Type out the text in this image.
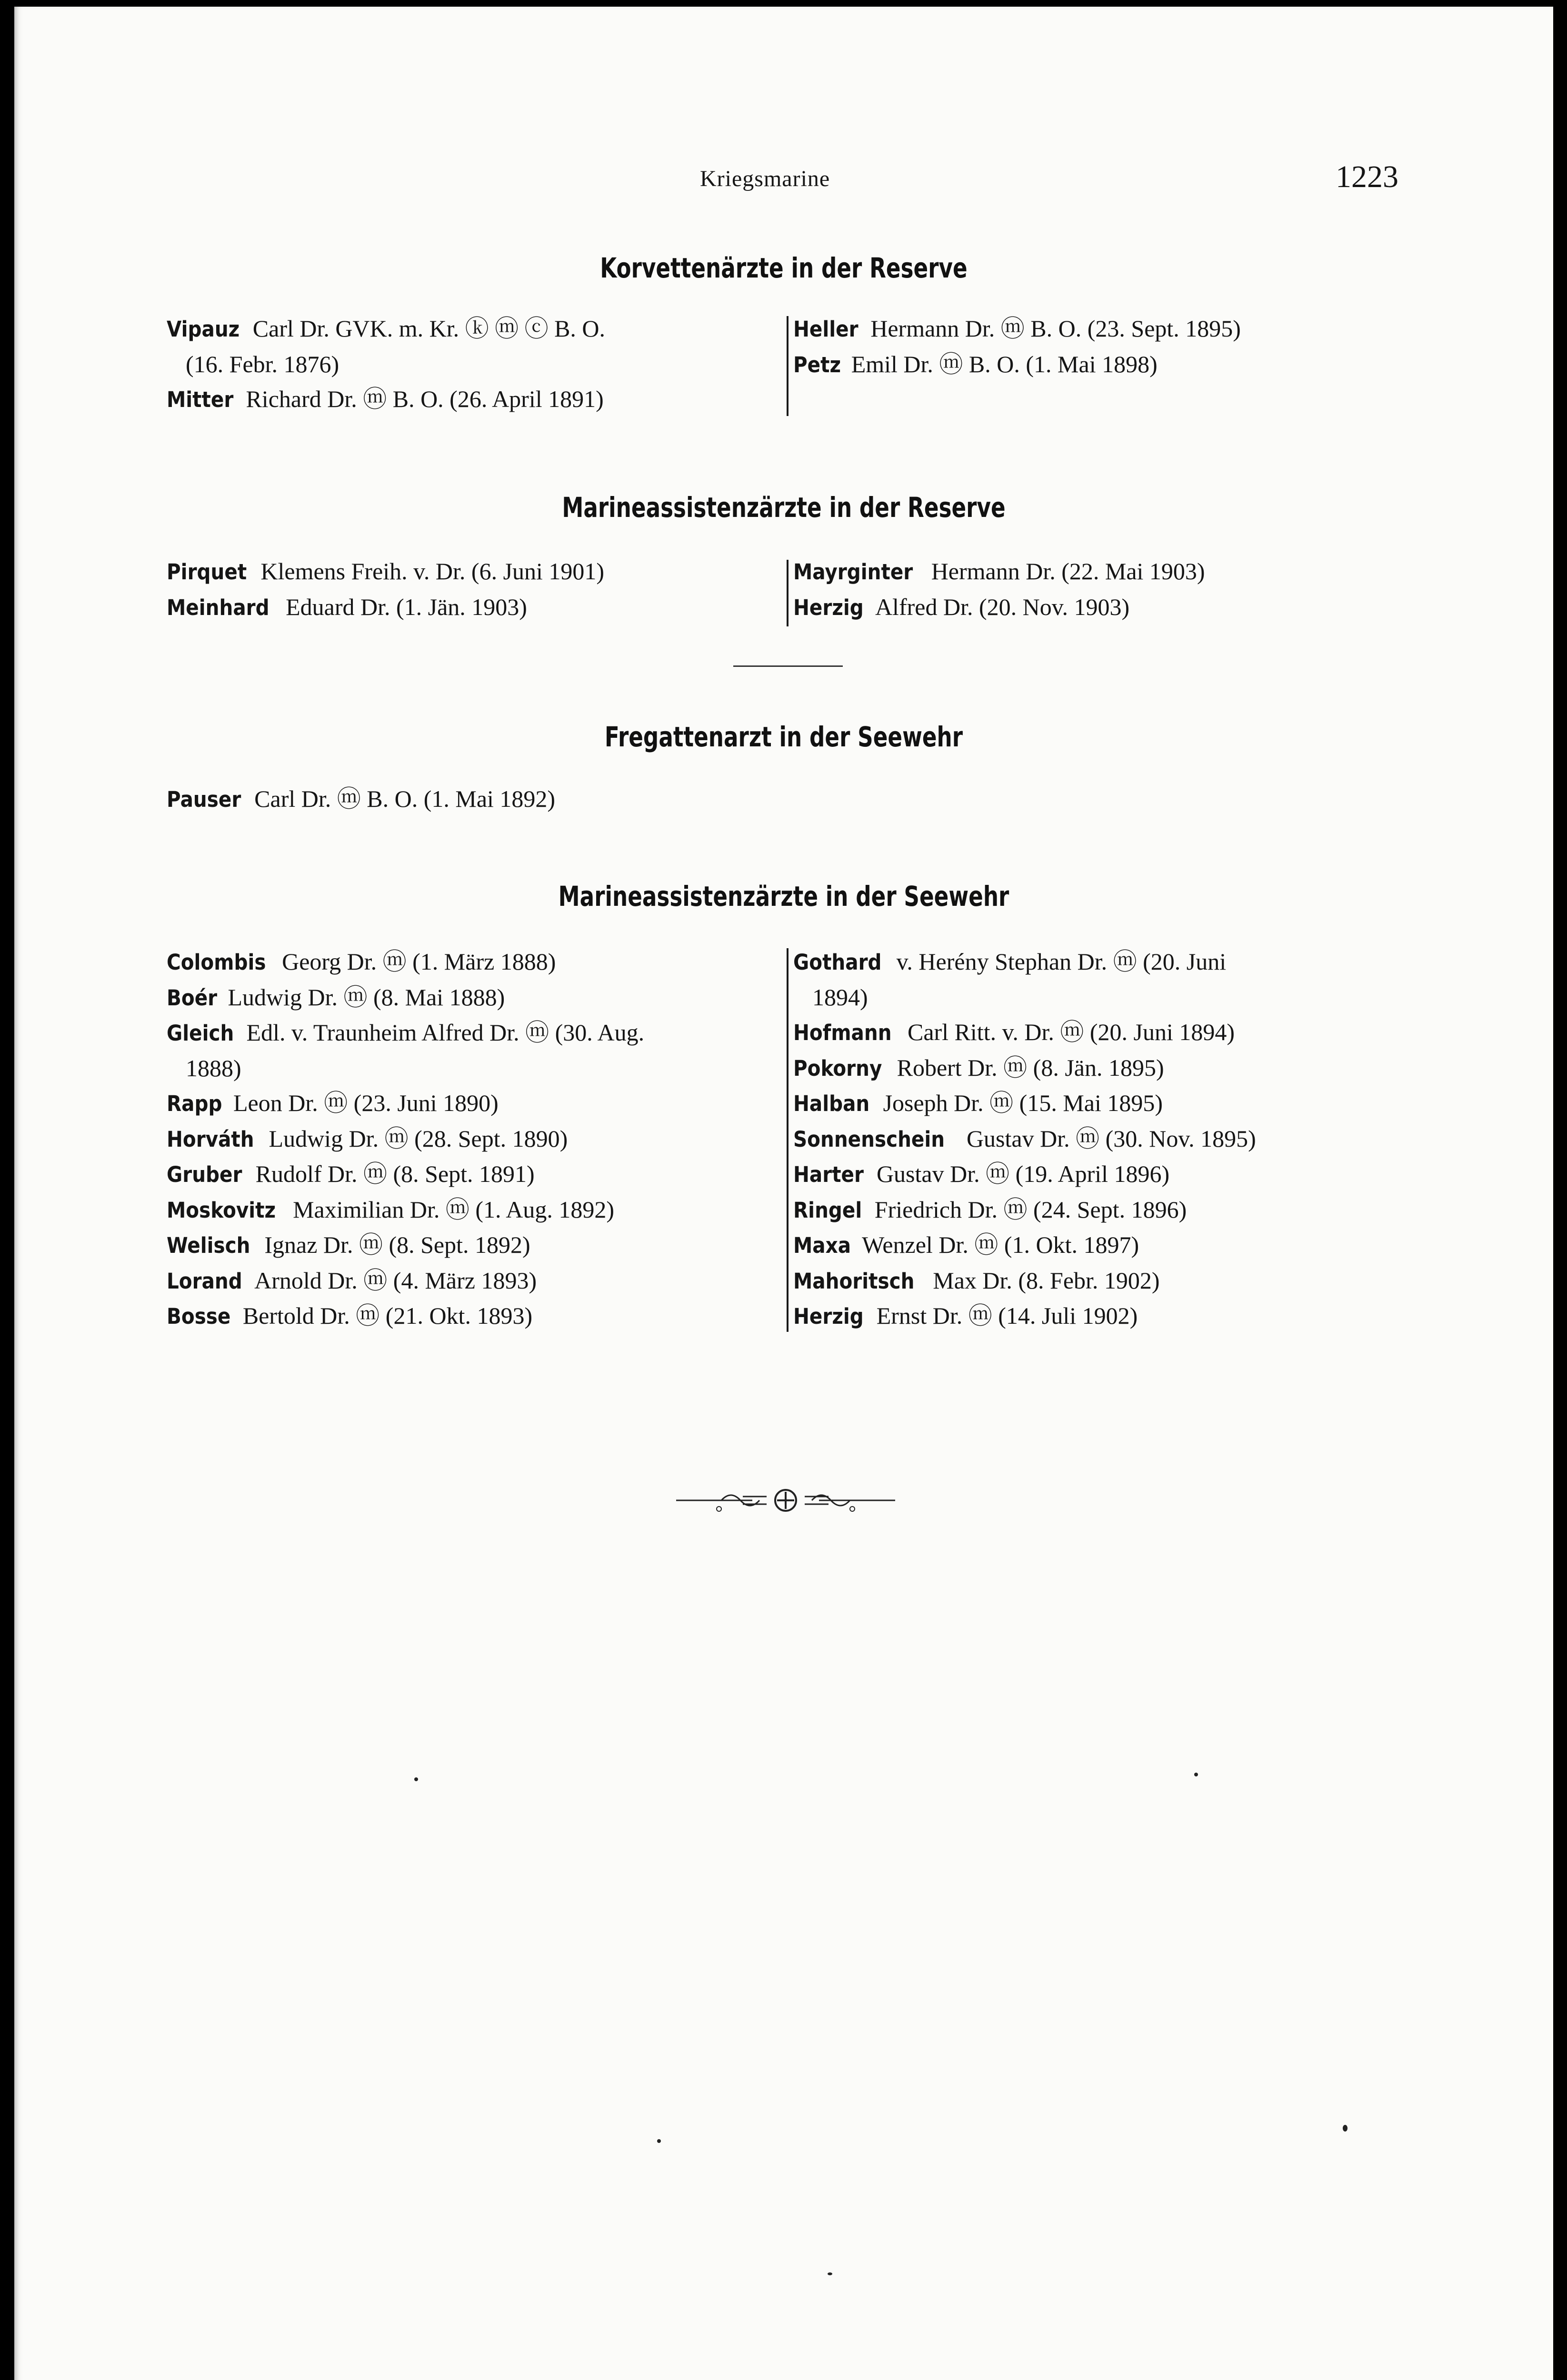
Kriegsmarine	1223
Korvettenärzte in der Reserve
Vipauz Carl Dr. GVK. m. Kr. ⓚ ⓜ ⓒ B. O.
(16. Febr. 1876)
Mitter Richard Dr. ⓜ B. O. (26. April 1891)
Heller Hermann Dr. ⓜ B. O. (23. Sept. 1895)
Petz Emil Dr. ⓜ B. O. (1. Mai 1898)
Marineassistenzärzte in der Reserve
Pirquet Klemens Freih. v. Dr. (6. Juni 1901)
Meinhard Eduard Dr. (1. Jän. 1903)
Mayrginter Hermann Dr. (22. Mai 1903)
Herzig Alfred Dr. (20. Nov. 1903)
Fregattenarzt in der Seewehr
Pauser Carl Dr. ⓜ B. O. (1. Mai 1892)
Marineassistenzärzte in der Seewehr
Colombis Georg Dr. ⓜ (1. März 1888)
Boér Ludwig Dr. ⓜ (8. Mai 1888)
Gleich Edl. v. Traunheim Alfred Dr. ⓜ (30. Aug.
1888)
Rapp Leon Dr. ⓜ (23. Juni 1890)
Horváth Ludwig Dr. ⓜ (28. Sept. 1890)
Gruber Rudolf Dr. ⓜ (8. Sept. 1891)
Moskovitz Maximilian Dr. ⓜ (1. Aug. 1892)
Welisch Ignaz Dr. ⓜ (8. Sept. 1892)
Lorand Arnold Dr. ⓜ (4. März 1893)
Bosse Bertold Dr. ⓜ (21. Okt. 1893)
Gothard v. Herény Stephan Dr. ⓜ (20. Juni
1894)
Hofmann Carl Ritt. v. Dr. ⓜ (20. Juni 1894)
Pokorny Robert Dr. ⓜ (8. Jän. 1895)
Halban Joseph Dr. ⓜ (15. Mai 1895)
Sonnenschein Gustav Dr. ⓜ (30. Nov. 1895)
Harter Gustav Dr. ⓜ (19. April 1896)
Ringel Friedrich Dr. ⓜ (24. Sept. 1896)
Maxa Wenzel Dr. ⓜ (1. Okt. 1897)
Mahoritsch Max Dr. (8. Febr. 1902)
Herzig Ernst Dr. ⓜ (14. Juli 1902)
